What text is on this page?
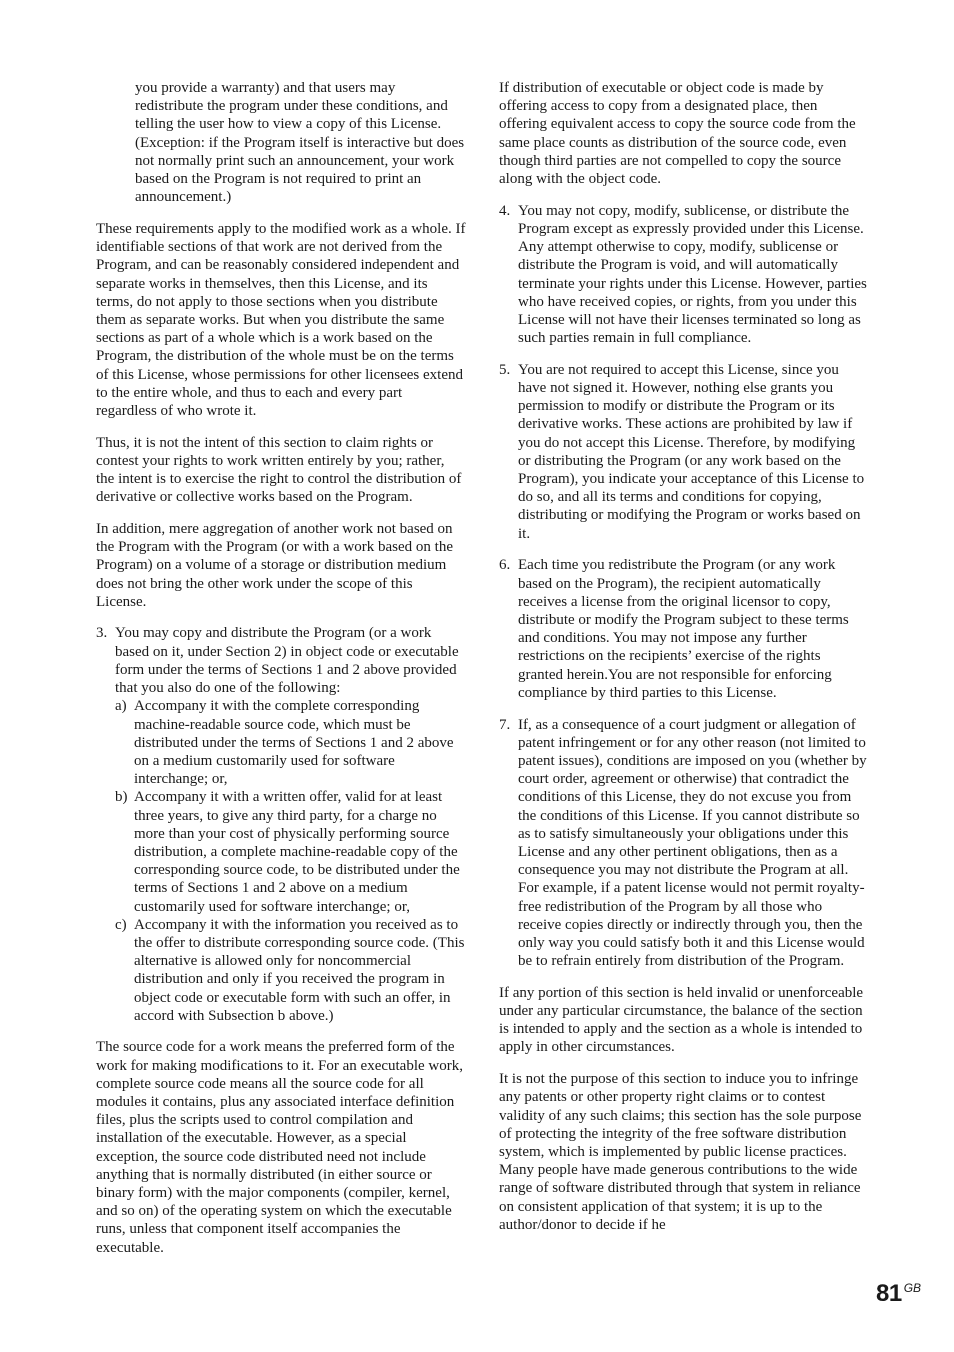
you provide a warranty) and that users may redistribute the program under these conditions, and telling the user how to view a copy of this License. (Exception: if the Program itself is interactive but does not normally print such an announcement, your work based on the Program is not required to print an announcement.)

These requirements apply to the modified work as a whole. If identifiable sections of that work are not derived from the Program, and can be reasonably considered independent and separate works in themselves, then this License, and its terms, do not apply to those sections when you distribute them as separate works. But when you distribute the same sections as part of a whole which is a work based on the Program, the distribution of the whole must be on the terms of this License, whose permissions for other licensees extend to the entire whole, and thus to each and every part regardless of who wrote it.

Thus, it is not the intent of this section to claim rights or contest your rights to work written entirely by you; rather, the intent is to exercise the right to control the distribution of derivative or collective works based on the Program.

In addition, mere aggregation of another work not based on the Program with the Program (or with a work based on the Program) on a volume of a storage or distribution medium does not bring the other work under the scope of this License.

3. You may copy and distribute the Program (or a work based on it, under Section 2) in object code or executable form under the terms of Sections 1 and 2 above provided that you also do one of the following:
a) Accompany it with the complete corresponding machine-readable source code, which must be distributed under the terms of Sections 1 and 2 above on a medium customarily used for software interchange; or,
b) Accompany it with a written offer, valid for at least three years, to give any third party, for a charge no more than your cost of physically performing source distribution, a complete machine-readable copy of the corresponding source code, to be distributed under the terms of Sections 1 and 2 above on a medium customarily used for software interchange; or,
c) Accompany it with the information you received as to the offer to distribute corresponding source code. (This alternative is allowed only for noncommercial distribution and only if you received the program in object code or executable form with such an offer, in accord with Subsection b above.)

The source code for a work means the preferred form of the work for making modifications to it. For an executable work, complete source code means all the source code for all modules it contains, plus any associated interface definition files, plus the scripts used to control compilation and installation of the executable. However, as a special exception, the source code distributed need not include anything that is normally distributed (in either source or binary form) with the major components (compiler, kernel, and so on) of the operating system on which the executable runs, unless that component itself accompanies the executable.

If distribution of executable or object code is made by offering access to copy from a designated place, then offering equivalent access to copy the source code from the same place counts as distribution of the source code, even though third parties are not compelled to copy the source along with the object code.

4. You may not copy, modify, sublicense, or distribute the Program except as expressly provided under this License. Any attempt otherwise to copy, modify, sublicense or distribute the Program is void, and will automatically terminate your rights under this License. However, parties who have received copies, or rights, from you under this License will not have their licenses terminated so long as such parties remain in full compliance.
5. You are not required to accept this License, since you have not signed it. However, nothing else grants you permission to modify or distribute the Program or its derivative works. These actions are prohibited by law if you do not accept this License. Therefore, by modifying or distributing the Program (or any work based on the Program), you indicate your acceptance of this License to do so, and all its terms and conditions for copying, distributing or modifying the Program or works based on it.
6. Each time you redistribute the Program (or any work based on the Program), the recipient automatically receives a license from the original licensor to copy, distribute or modify the Program subject to these terms and conditions. You may not impose any further restrictions on the recipients’ exercise of the rights granted herein.You are not responsible for enforcing compliance by third parties to this License.
7. If, as a consequence of a court judgment or allegation of patent infringement or for any other reason (not limited to patent issues), conditions are imposed on you (whether by court order, agreement or otherwise) that contradict the conditions of this License, they do not excuse you from the conditions of this License. If you cannot distribute so as to satisfy simultaneously your obligations under this License and any other pertinent obligations, then as a consequence you may not distribute the Program at all. For example, if a patent license would not permit royalty-free redistribution of the Program by all those who receive copies directly or indirectly through you, then the only way you could satisfy both it and this License would be to refrain entirely from distribution of the Program.

If any portion of this section is held invalid or unenforceable under any particular circumstance, the balance of the section is intended to apply and the section as a whole is intended to apply in other circumstances.

It is not the purpose of this section to induce you to infringe any patents or other property right claims or to contest validity of any such claims; this section has the sole purpose of protecting the integrity of the free software distribution system, which is implemented by public license practices. Many people have made generous contributions to the wide range of software distributed through that system in reliance on consistent application of that system; it is up to the author/donor to decide if he

81 $^{GB}$
